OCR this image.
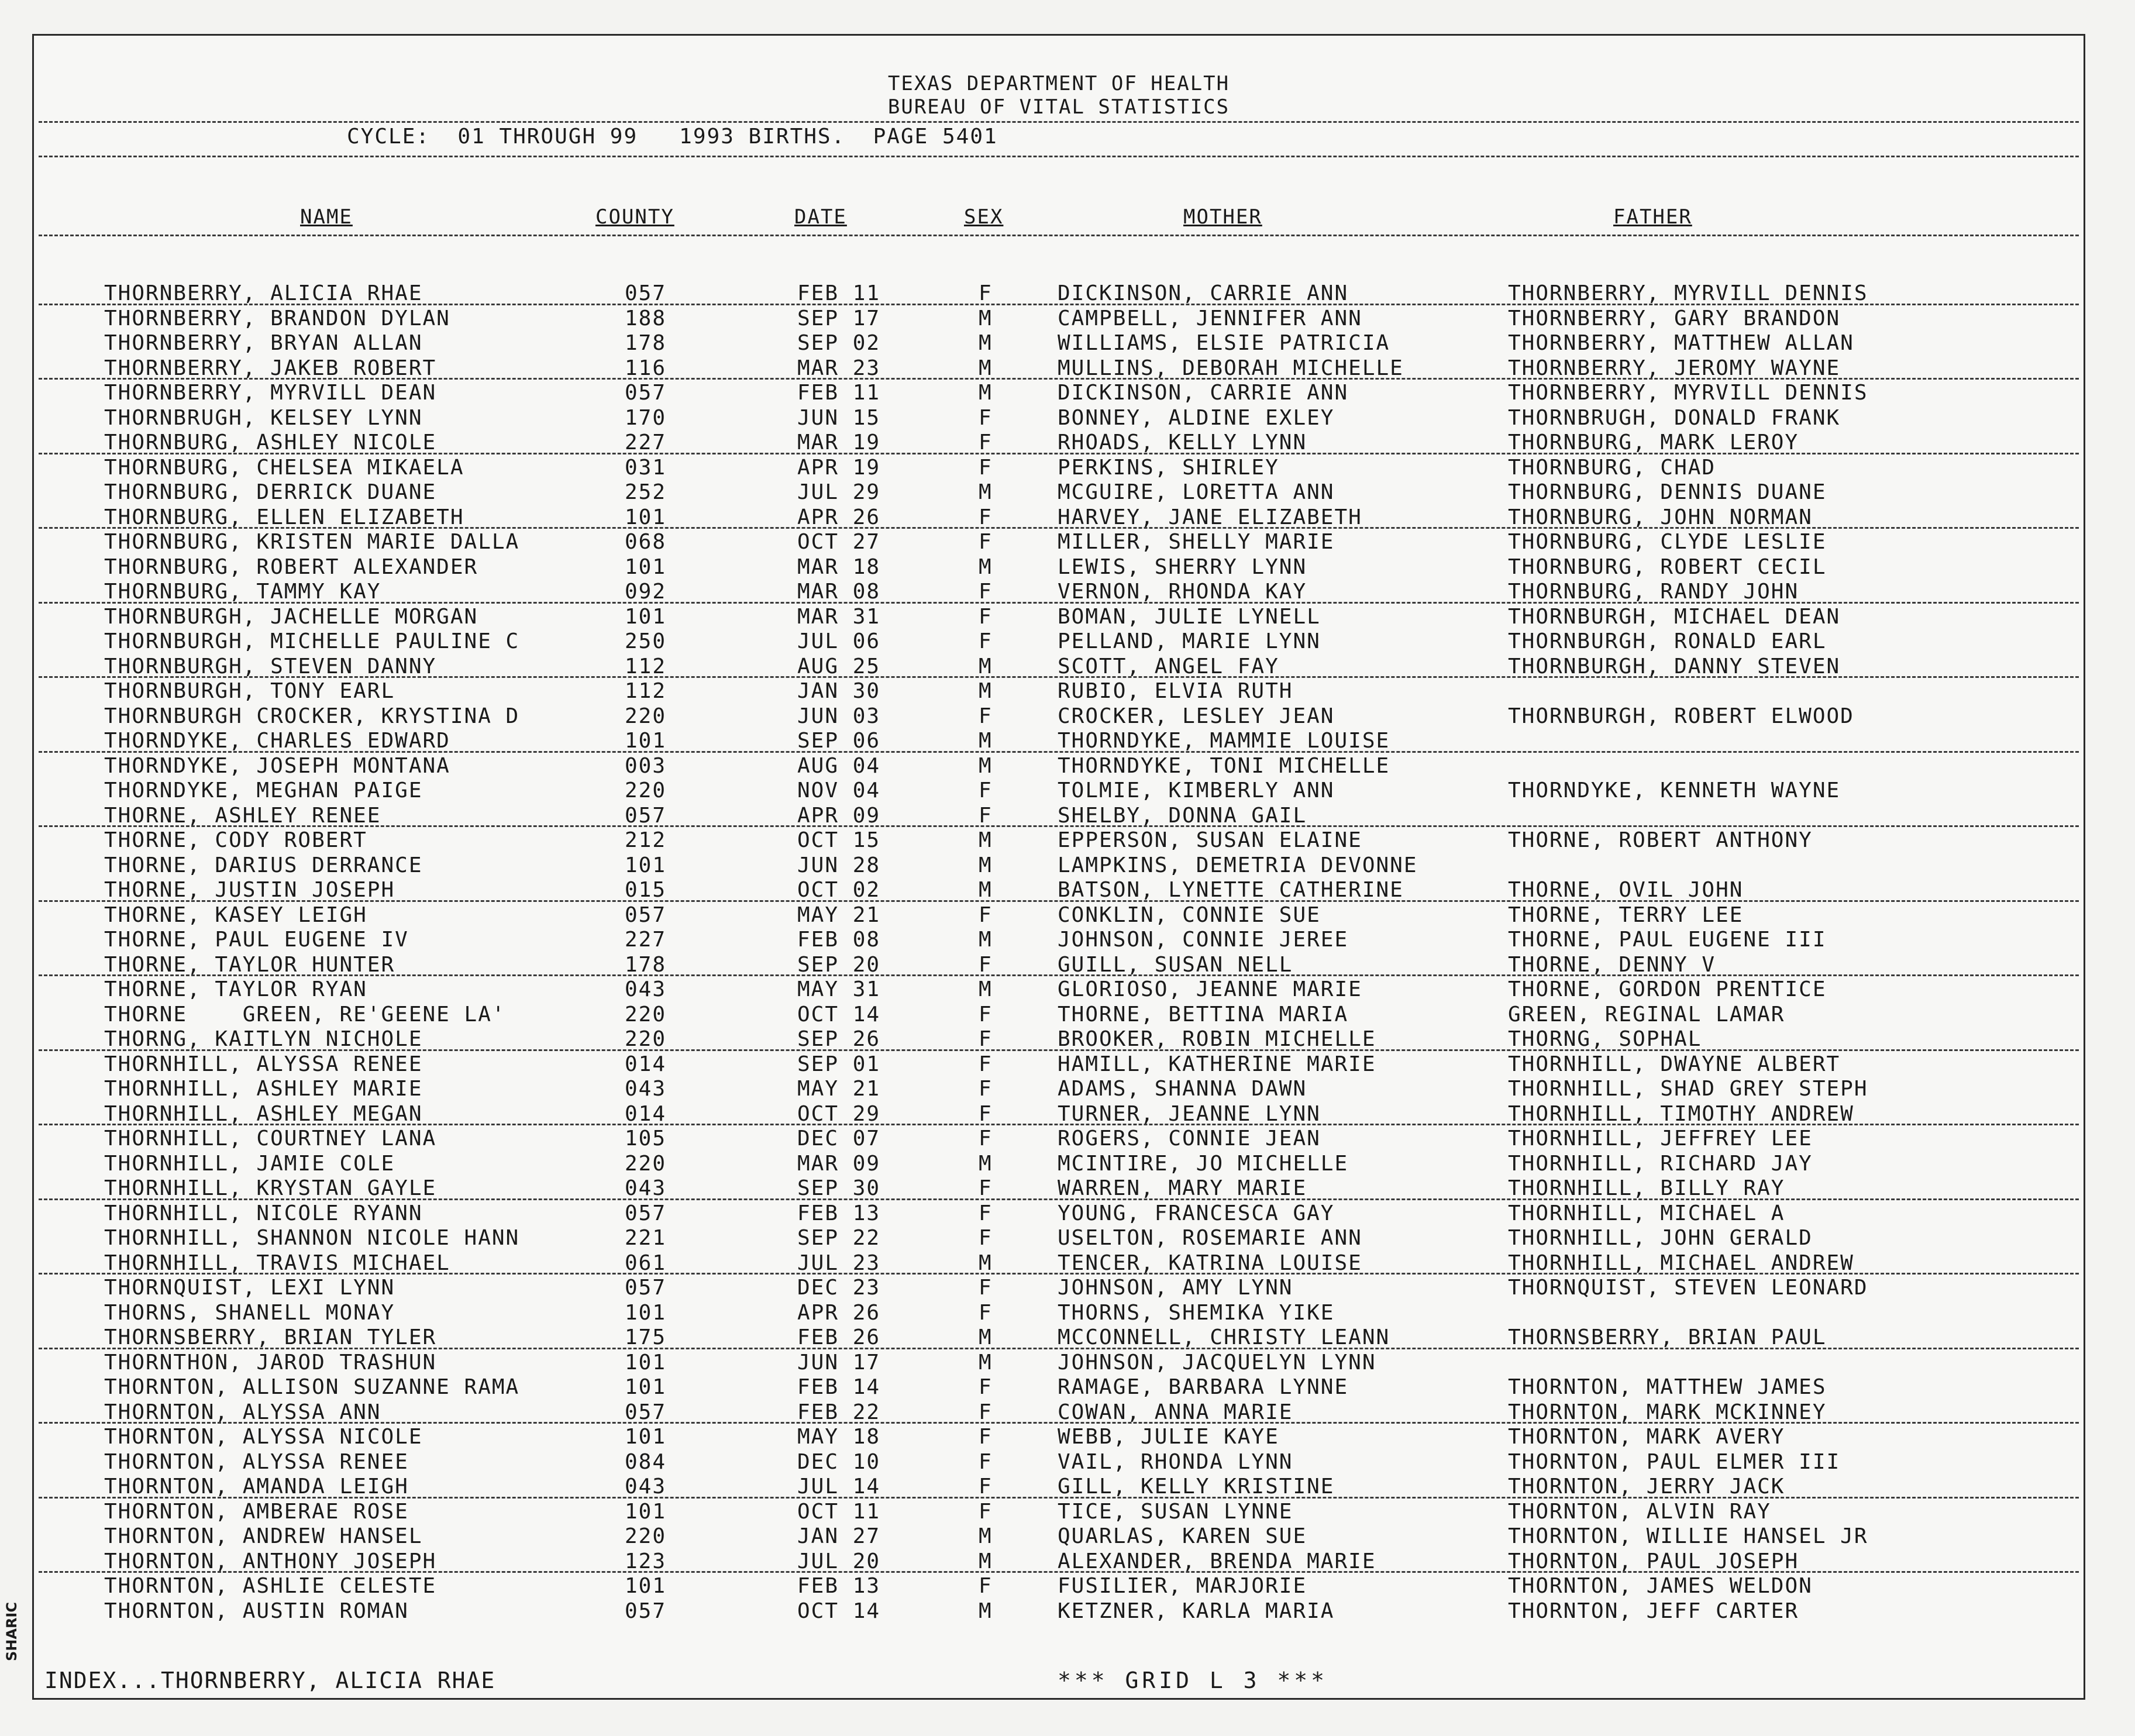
TEXAS DEPARTMENT OF HEALTH
BUREAU OF VITAL STATISTICS
CYCLE:  01 THROUGH 99   1993 BIRTHS.  PAGE 5401
NAME	COUNTY	DATE	SEX	MOTHER	FATHER
THORNBERRY, ALICIA RHAE	057	FEB 11	F	DICKINSON, CARRIE ANN	THORNBERRY, MYRVILL DENNIS
THORNBERRY, BRANDON DYLAN	188	SEP 17	M	CAMPBELL, JENNIFER ANN	THORNBERRY, GARY BRANDON
THORNBERRY, BRYAN ALLAN	178	SEP 02	M	WILLIAMS, ELSIE PATRICIA	THORNBERRY, MATTHEW ALLAN
THORNBERRY, JAKEB ROBERT	116	MAR 23	M	MULLINS, DEBORAH MICHELLE	THORNBERRY, JEROMY WAYNE
THORNBERRY, MYRVILL DEAN	057	FEB 11	M	DICKINSON, CARRIE ANN	THORNBERRY, MYRVILL DENNIS
THORNBRUGH, KELSEY LYNN	170	JUN 15	F	BONNEY, ALDINE EXLEY	THORNBRUGH, DONALD FRANK
THORNBURG, ASHLEY NICOLE	227	MAR 19	F	RHOADS, KELLY LYNN	THORNBURG, MARK LEROY
THORNBURG, CHELSEA MIKAELA	031	APR 19	F	PERKINS, SHIRLEY	THORNBURG, CHAD
THORNBURG, DERRICK DUANE	252	JUL 29	M	MCGUIRE, LORETTA ANN	THORNBURG, DENNIS DUANE
THORNBURG, ELLEN ELIZABETH	101	APR 26	F	HARVEY, JANE ELIZABETH	THORNBURG, JOHN NORMAN
THORNBURG, KRISTEN MARIE DALLA	068	OCT 27	F	MILLER, SHELLY MARIE	THORNBURG, CLYDE LESLIE
THORNBURG, ROBERT ALEXANDER	101	MAR 18	M	LEWIS, SHERRY LYNN	THORNBURG, ROBERT CECIL
THORNBURG, TAMMY KAY	092	MAR 08	F	VERNON, RHONDA KAY	THORNBURG, RANDY JOHN
THORNBURGH, JACHELLE MORGAN	101	MAR 31	F	BOMAN, JULIE LYNELL	THORNBURGH, MICHAEL DEAN
THORNBURGH, MICHELLE PAULINE C	250	JUL 06	F	PELLAND, MARIE LYNN	THORNBURGH, RONALD EARL
THORNBURGH, STEVEN DANNY	112	AUG 25	M	SCOTT, ANGEL FAY	THORNBURGH, DANNY STEVEN
THORNBURGH, TONY EARL	112	JAN 30	M	RUBIO, ELVIA RUTH
THORNBURGH CROCKER, KRYSTINA D	220	JUN 03	F	CROCKER, LESLEY JEAN	THORNBURGH, ROBERT ELWOOD
THORNDYKE, CHARLES EDWARD	101	SEP 06	M	THORNDYKE, MAMMIE LOUISE
THORNDYKE, JOSEPH MONTANA	003	AUG 04	M	THORNDYKE, TONI MICHELLE
THORNDYKE, MEGHAN PAIGE	220	NOV 04	F	TOLMIE, KIMBERLY ANN	THORNDYKE, KENNETH WAYNE
THORNE, ASHLEY RENEE	057	APR 09	F	SHELBY, DONNA GAIL
THORNE, CODY ROBERT	212	OCT 15	M	EPPERSON, SUSAN ELAINE	THORNE, ROBERT ANTHONY
THORNE, DARIUS DERRANCE	101	JUN 28	M	LAMPKINS, DEMETRIA DEVONNE
THORNE, JUSTIN JOSEPH	015	OCT 02	M	BATSON, LYNETTE CATHERINE	THORNE, OVIL JOHN
THORNE, KASEY LEIGH	057	MAY 21	F	CONKLIN, CONNIE SUE	THORNE, TERRY LEE
THORNE, PAUL EUGENE IV	227	FEB 08	M	JOHNSON, CONNIE JEREE	THORNE, PAUL EUGENE III
THORNE, TAYLOR HUNTER	178	SEP 20	F	GUILL, SUSAN NELL	THORNE, DENNY V
THORNE, TAYLOR RYAN	043	MAY 31	M	GLORIOSO, JEANNE MARIE	THORNE, GORDON PRENTICE
THORNE    GREEN, RE'GEENE LA'	220	OCT 14	F	THORNE, BETTINA MARIA	GREEN, REGINAL LAMAR
THORNG, KAITLYN NICHOLE	220	SEP 26	F	BROOKER, ROBIN MICHELLE	THORNG, SOPHAL
THORNHILL, ALYSSA RENEE	014	SEP 01	F	HAMILL, KATHERINE MARIE	THORNHILL, DWAYNE ALBERT
THORNHILL, ASHLEY MARIE	043	MAY 21	F	ADAMS, SHANNA DAWN	THORNHILL, SHAD GREY STEPH
THORNHILL, ASHLEY MEGAN	014	OCT 29	F	TURNER, JEANNE LYNN	THORNHILL, TIMOTHY ANDREW
THORNHILL, COURTNEY LANA	105	DEC 07	F	ROGERS, CONNIE JEAN	THORNHILL, JEFFREY LEE
THORNHILL, JAMIE COLE	220	MAR 09	M	MCINTIRE, JO MICHELLE	THORNHILL, RICHARD JAY
THORNHILL, KRYSTAN GAYLE	043	SEP 30	F	WARREN, MARY MARIE	THORNHILL, BILLY RAY
THORNHILL, NICOLE RYANN	057	FEB 13	F	YOUNG, FRANCESCA GAY	THORNHILL, MICHAEL A
THORNHILL, SHANNON NICOLE HANN	221	SEP 22	F	USELTON, ROSEMARIE ANN	THORNHILL, JOHN GERALD
THORNHILL, TRAVIS MICHAEL	061	JUL 23	M	TENCER, KATRINA LOUISE	THORNHILL, MICHAEL ANDREW
THORNQUIST, LEXI LYNN	057	DEC 23	F	JOHNSON, AMY LYNN	THORNQUIST, STEVEN LEONARD
THORNS, SHANELL MONAY	101	APR 26	F	THORNS, SHEMIKA YIKE
THORNSBERRY, BRIAN TYLER	175	FEB 26	M	MCCONNELL, CHRISTY LEANN	THORNSBERRY, BRIAN PAUL
THORNTHON, JAROD TRASHUN	101	JUN 17	M	JOHNSON, JACQUELYN LYNN
THORNTON, ALLISON SUZANNE RAMA	101	FEB 14	F	RAMAGE, BARBARA LYNNE	THORNTON, MATTHEW JAMES
THORNTON, ALYSSA ANN	057	FEB 22	F	COWAN, ANNA MARIE	THORNTON, MARK MCKINNEY
THORNTON, ALYSSA NICOLE	101	MAY 18	F	WEBB, JULIE KAYE	THORNTON, MARK AVERY
THORNTON, ALYSSA RENEE	084	DEC 10	F	VAIL, RHONDA LYNN	THORNTON, PAUL ELMER III
THORNTON, AMANDA LEIGH	043	JUL 14	F	GILL, KELLY KRISTINE	THORNTON, JERRY JACK
THORNTON, AMBERAE ROSE	101	OCT 11	F	TICE, SUSAN LYNNE	THORNTON, ALVIN RAY
THORNTON, ANDREW HANSEL	220	JAN 27	M	QUARLAS, KAREN SUE	THORNTON, WILLIE HANSEL JR
THORNTON, ANTHONY JOSEPH	123	JUL 20	M	ALEXANDER, BRENDA MARIE	THORNTON, PAUL JOSEPH
THORNTON, ASHLIE CELESTE	101	FEB 13	F	FUSILIER, MARJORIE	THORNTON, JAMES WELDON
THORNTON, AUSTIN ROMAN	057	OCT 14	M	KETZNER, KARLA MARIA	THORNTON, JEFF CARTER
INDEX...THORNBERRY, ALICIA RHAE	*** GRID L 3 ***
SHARIC
